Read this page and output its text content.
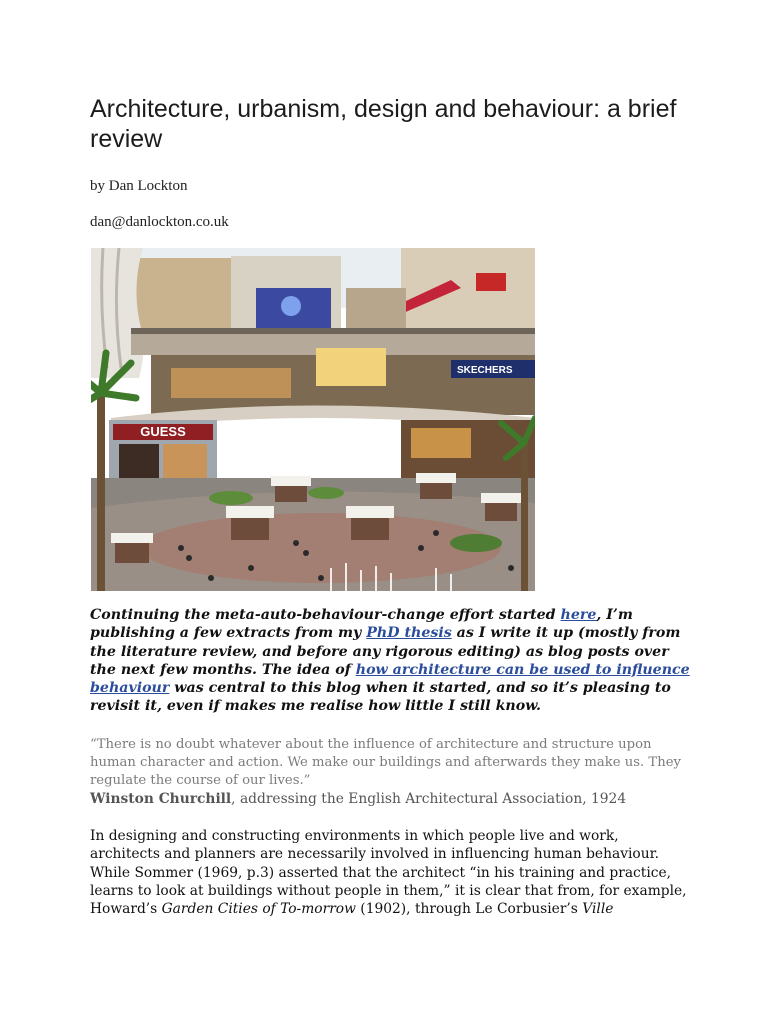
Architecture, urbanism, design and behaviour: a brief review

by Dan Lockton

dan@danlockton.co.uk

SKECHERS
GUESS

Continuing the meta-auto-behaviour-change effort started here, I’m publishing a few extracts from my PhD thesis as I write it up (mostly from the literature review, and before any rigorous editing) as blog posts over the next few months. The idea of how architecture can be used to influence behaviour was central to this blog when it started, and so it’s pleasing to revisit it, even if makes me realise how little I still know.

“There is no doubt whatever about the influence of architecture and structure upon human character and action. We make our buildings and afterwards they make us. They regulate the course of our lives.”

Winston Churchill, addressing the English Architectural Association, 1924

In designing and constructing environments in which people live and work, architects and planners are necessarily involved in influencing human behaviour. While Sommer (1969, p.3) asserted that the architect “in his training and practice, learns to look at buildings without people in them,” it is clear that from, for example, Howard’s Garden Cities of To-morrow (1902), through Le Corbusier’s Ville
